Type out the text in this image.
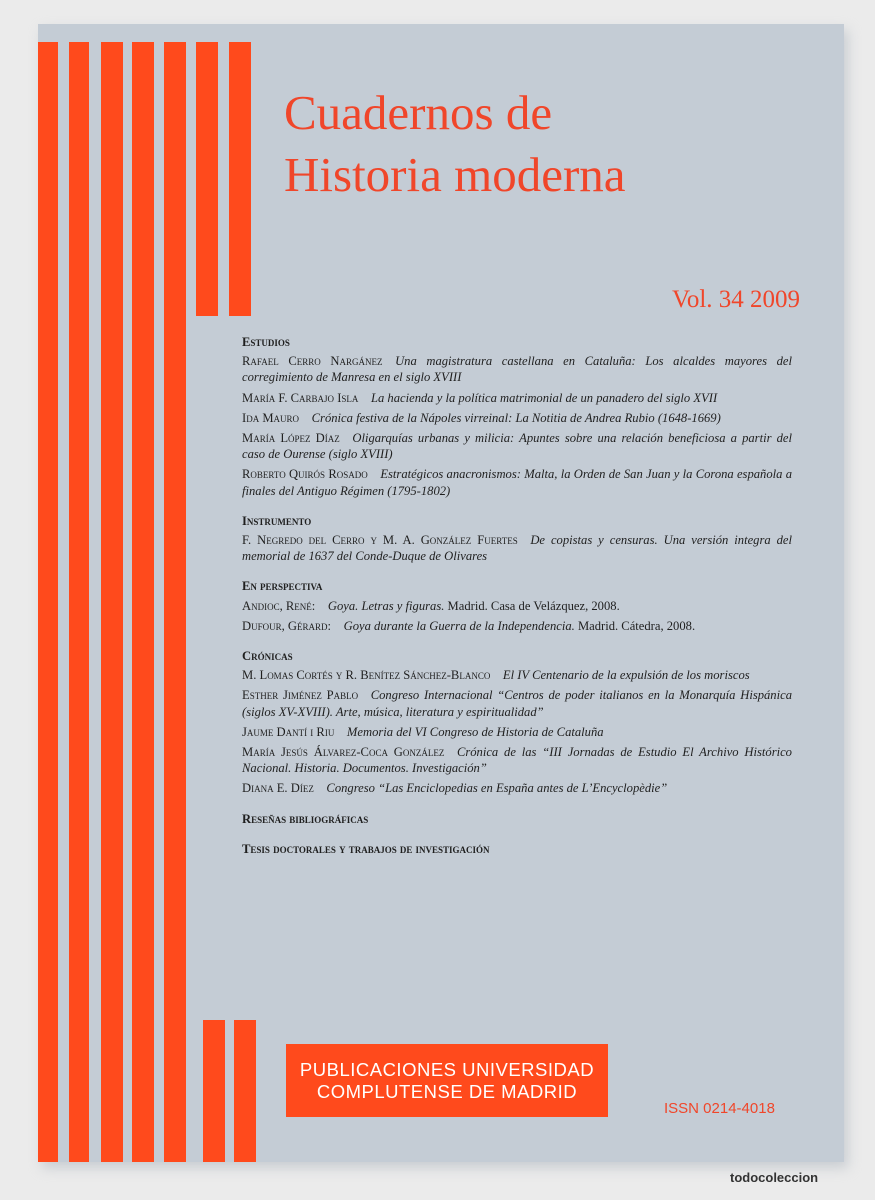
Cuadernos de
Historia moderna
Vol. 34 2009
Estudios
Rafael Cerro Nargánez  Una magistratura castellana en Cataluña: Los alcaldes mayores del corregimiento de Manresa en el siglo XVIII
María F. Carbajo Isla  La hacienda y la política matrimonial de un panadero del siglo XVII
Ida Mauro  Crónica festiva de la Nápoles virreinal: La Notitia de Andrea Rubio (1648-1669)
María López Díaz  Oligarquías urbanas y milicia: Apuntes sobre una relación beneficiosa a partir del caso de Ourense (siglo XVIII)
Roberto Quirós Rosado  Estratégicos anacronismos: Malta, la Orden de San Juan y la Corona española a finales del Antiguo Régimen (1795-1802)
Instrumento
F. Negredo del Cerro y M. A. González Fuertes  De copistas y censuras. Una versión integra del memorial de 1637 del Conde-Duque de Olivares
En perspectiva
Andioc, René:  Goya. Letras y figuras. Madrid. Casa de Velázquez, 2008.
Dufour, Gérard:  Goya durante la Guerra de la Independencia. Madrid. Cátedra, 2008.
Crónicas
M. Lomas Cortés y R. Benítez Sánchez-Blanco  El IV Centenario de la expulsión de los moriscos
Esther Jiménez Pablo  Congreso Internacional “Centros de poder italianos en la Monarquía Hispánica (siglos XV-XVIII). Arte, música, literatura y espiritualidad”
Jaume Dantí i Riu  Memoria del VI Congreso de Historia de Cataluña
María Jesús Álvarez-Coca González  Crónica de las “III Jornadas de Estudio El Archivo Histórico Nacional. Historia. Documentos. Investigación”
Diana E. Díez  Congreso “Las Enciclopedias en España antes de L’Encyclopèdie”
Reseñas bibliográficas
Tesis doctorales y trabajos de investigación
PUBLICACIONES UNIVERSIDAD
COMPLUTENSE DE MADRID
ISSN 0214-4018
todocoleccion
